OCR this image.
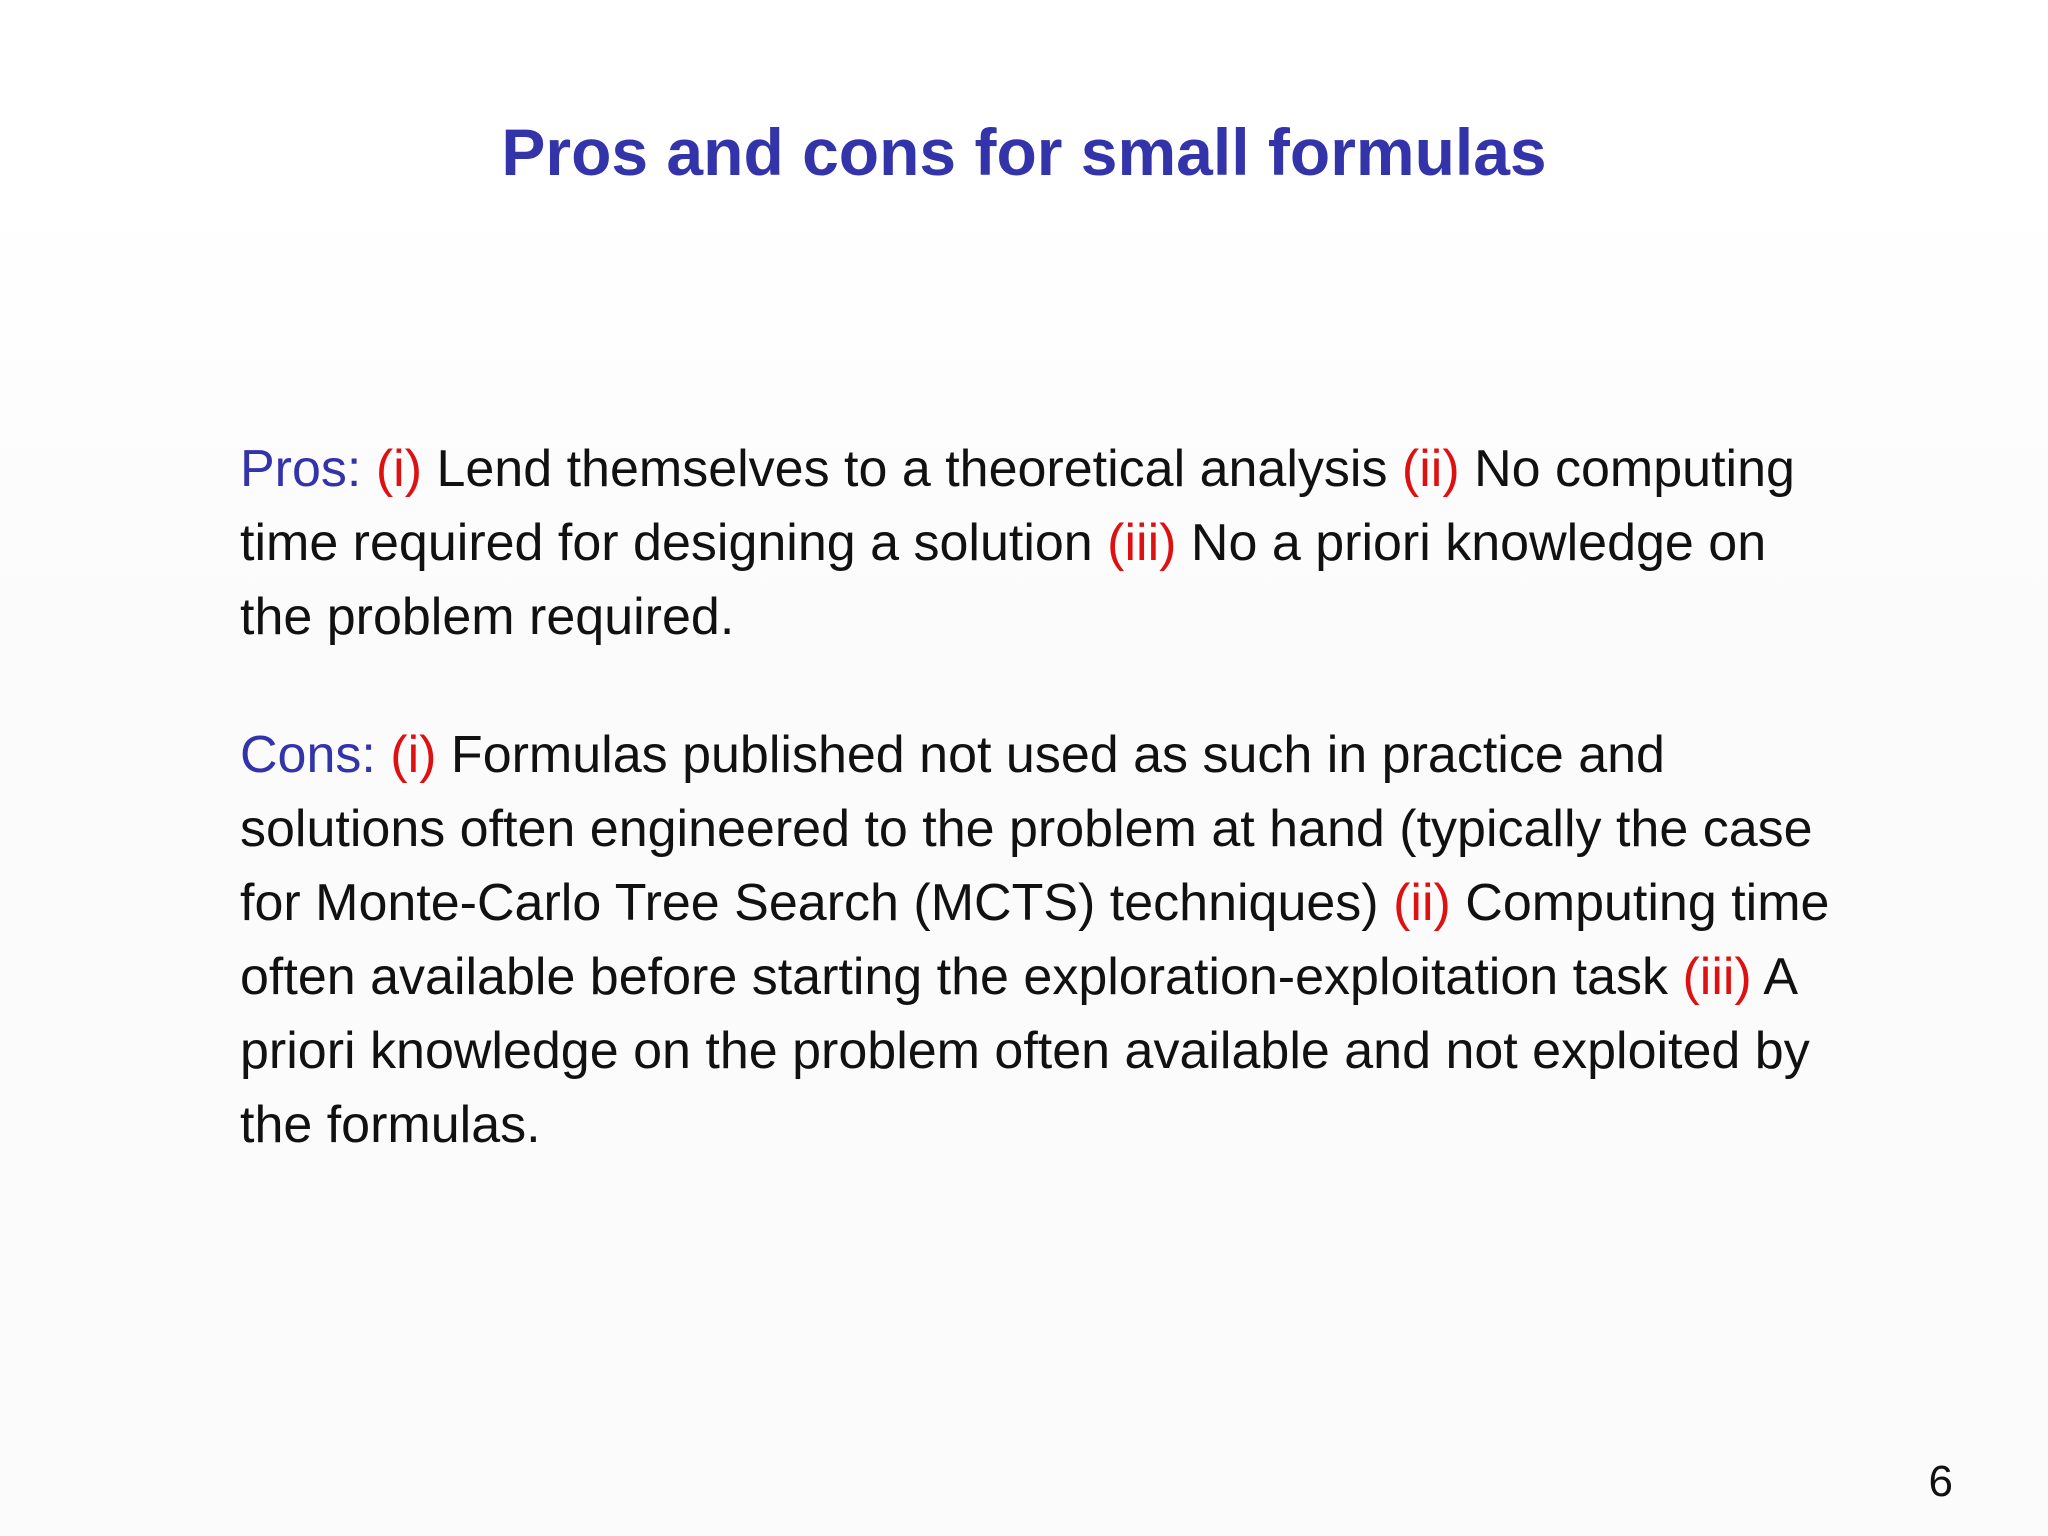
Pros and cons for small formulas
Pros: (i) Lend themselves to a theoretical analysis (ii) No computing time required for designing a solution (iii) No a priori knowledge on the problem required.
Cons: (i) Formulas published not used as such in practice and solutions often engineered to the problem at hand (typically the case for Monte-Carlo Tree Search (MCTS) techniques) (ii) Computing time often available before starting the exploration-exploitation task (iii) A priori knowledge on the problem often available and not exploited by the formulas.
6
